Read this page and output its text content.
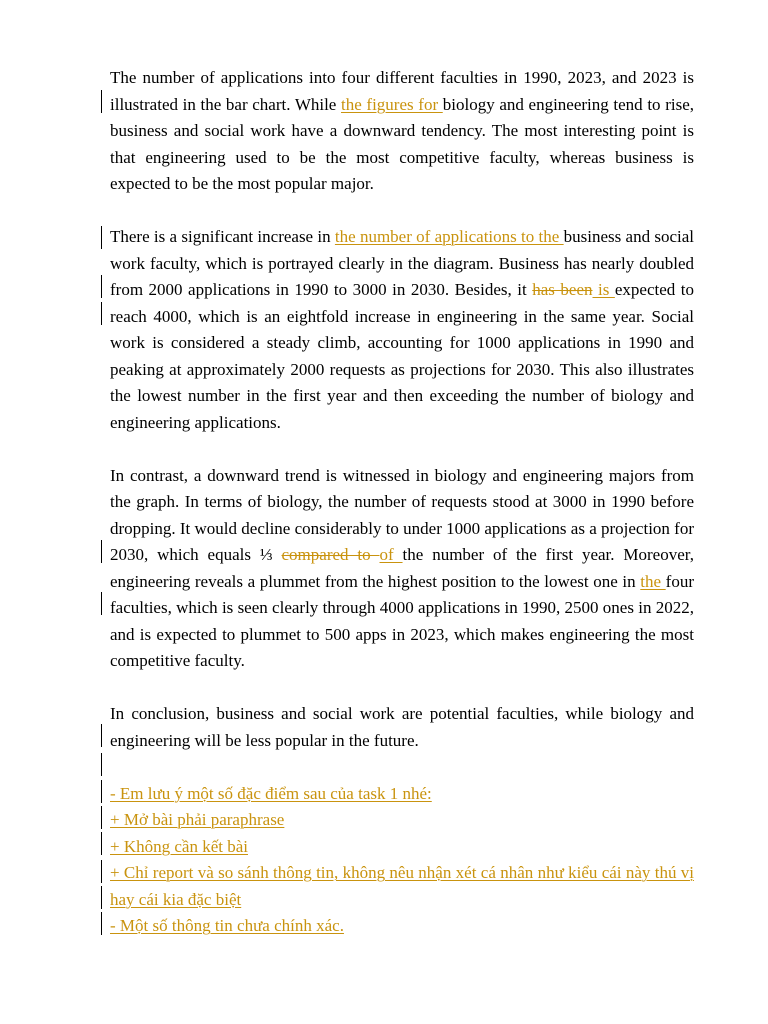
The number of applications into four different faculties in 1990, 2023, and 2023 is illustrated in the bar chart. While the figures for biology and engineering tend to rise, business and social work have a downward tendency. The most interesting point is that engineering used to be the most competitive faculty, whereas business is expected to be the most popular major.

There is a significant increase in the number of applications to the business and social work faculty, which is portrayed clearly in the diagram. Business has nearly doubled from 2000 applications in 1990 to 3000 in 2030. Besides, it has been is expected to reach 4000, which is an eightfold increase in engineering in the same year. Social work is considered a steady climb, accounting for 1000 applications in 1990 and peaking at approximately 2000 requests as projections for 2030. This also illustrates the lowest number in the first year and then exceeding the number of biology and engineering applications.

In contrast, a downward trend is witnessed in biology and engineering majors from the graph. In terms of biology, the number of requests stood at 3000 in 1990 before dropping. It would decline considerably to under 1000 applications as a projection for 2030, which equals ⅓ compared to of the number of the first year. Moreover, engineering reveals a plummet from the highest position to the lowest one in the four faculties, which is seen clearly through 4000 applications in 1990, 2500 ones in 2022, and is expected to plummet to 500 apps in 2023, which makes engineering the most competitive faculty.

In conclusion, business and social work are potential faculties, while biology and engineering will be less popular in the future.

- Em lưu ý một số đặc điểm sau của task 1 nhé:

+ Mở bài phải paraphrase

+ Không cần kết bài

+ Chỉ report và so sánh thông tin, không nêu nhận xét cá nhân như kiểu cái này thú vị hay cái kia đặc biệt

- Một số thông tin chưa chính xác.
